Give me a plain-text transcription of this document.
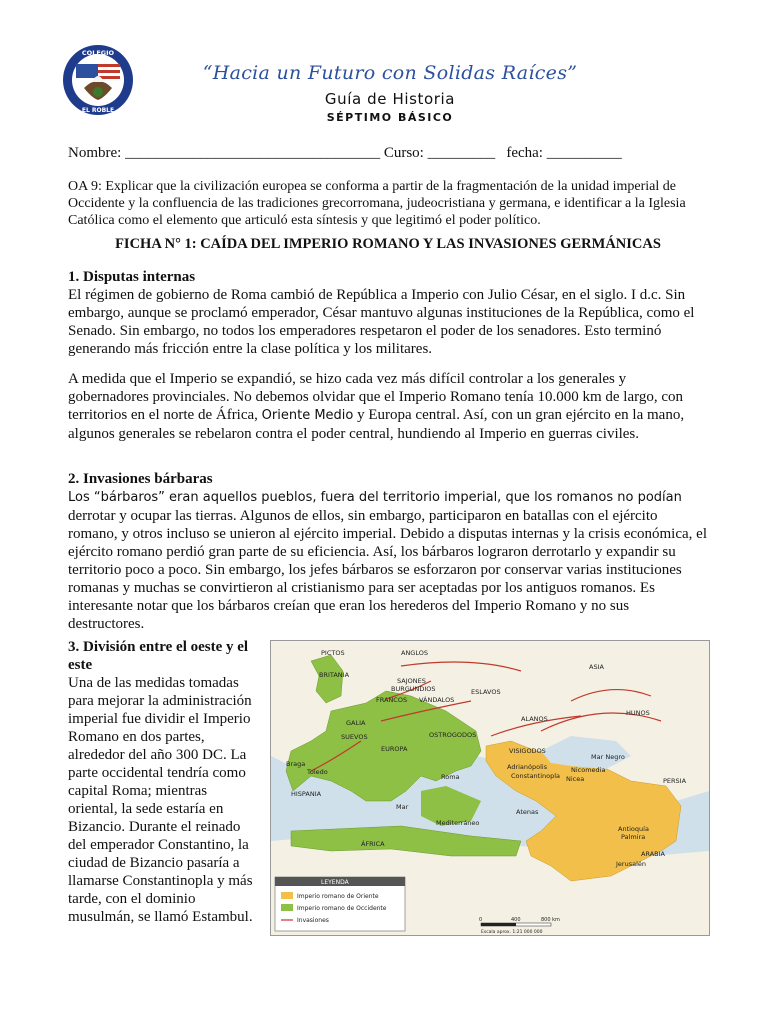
COLEGIO
EL ROBLE
“Hacia un Futuro con Solidas Raíces”
Guía de Historia
SÉPTIMO BÁSICO
Nombre: __________________________________ Curso: _________   fecha: __________
OA 9: Explicar que la civilización europea se conforma a partir de la fragmentación de la unidad imperial de Occidente y la confluencia de las tradiciones grecorromana, judeocristiana y germana, e identificar a la Iglesia Católica como el elemento que articuló esta síntesis y que legitimó el poder político.
FICHA N° 1: CAÍDA DEL IMPERIO ROMANO Y LAS INVASIONES GERMÁNICAS
1. Disputas internas
El régimen de gobierno de Roma cambió de República a Imperio con Julio César, en el siglo. I d.c. Sin embargo, aunque se proclamó emperador, César mantuvo algunas instituciones de la República, como el Senado. Sin embargo, no todos los emperadores respetaron el poder de los senadores. Esto terminó generando más fricción entre la clase política y los militares.
A medida que el Imperio se expandió, se hizo cada vez más difícil controlar a los generales y gobernadores provinciales. No debemos olvidar que el Imperio Romano tenía 10.000 km de largo, con territorios en el norte de África, Oriente Medio y Europa central. Así, con un gran ejército en la mano, algunos generales se rebelaron contra el poder central, hundiendo al Imperio en guerras civiles.
2. Invasiones bárbaras
Los “bárbaros” eran aquellos pueblos, fuera del territorio imperial, que los romanos no podían derrotar y ocupar las tierras. Algunos de ellos, sin embargo, participaron en batallas con el ejército romano, y otros incluso se unieron al ejército imperial. Debido a disputas internas y la crisis económica, el ejército romano perdió gran parte de su eficiencia. Así, los bárbaros lograron derrotarlo y expandir su territorio poco a poco. Sin embargo, los jefes bárbaros se esforzaron por conservar varias instituciones romanas y muchas se convirtieron al cristianismo para ser aceptadas por los antiguos romanos. Es interesante notar que los bárbaros creían que eran los herederos del Imperio Romano y no sus destructores.
3. División entre el oeste y el este
Una de las medidas tomadas para mejorar la administración imperial fue dividir el Imperio Romano en dos partes, alrededor del año 300 DC. La parte occidental tendría como capital Roma; mientras oriental, la sede estaría en Bizancio. Durante el reinado del emperador Constantino, la ciudad de Bizancio pasaría a llamarse Constantinopla y más tarde, con el dominio musulmán, se llamó Estambul.
PICTOS	ANGLOS
BRITANIA
SAJONES
BURGUNDIOS
FRANCOS VÁNDALOS
ESLAVOS
ASIA
HUNOS
ALANOS
GALIA
SUEVOS
EUROPA
OSTROGODOS
VISIGODOS
Mar Negro
PERSIA
Braga
Toledo
HISPANIA
Roma
Adrianópolis
Constantinopla
Nicomedia
Nicea
Mar
Mediterráneo
Atenas
ÁFRICA
Antioquía
Palmira
ARABIA
Jerusalén
LEYENDA
Imperio romano de Oriente
Imperio romano de Occidente
Invasiones	0	400	800 km
Escala aprox. 1:21 000 000
